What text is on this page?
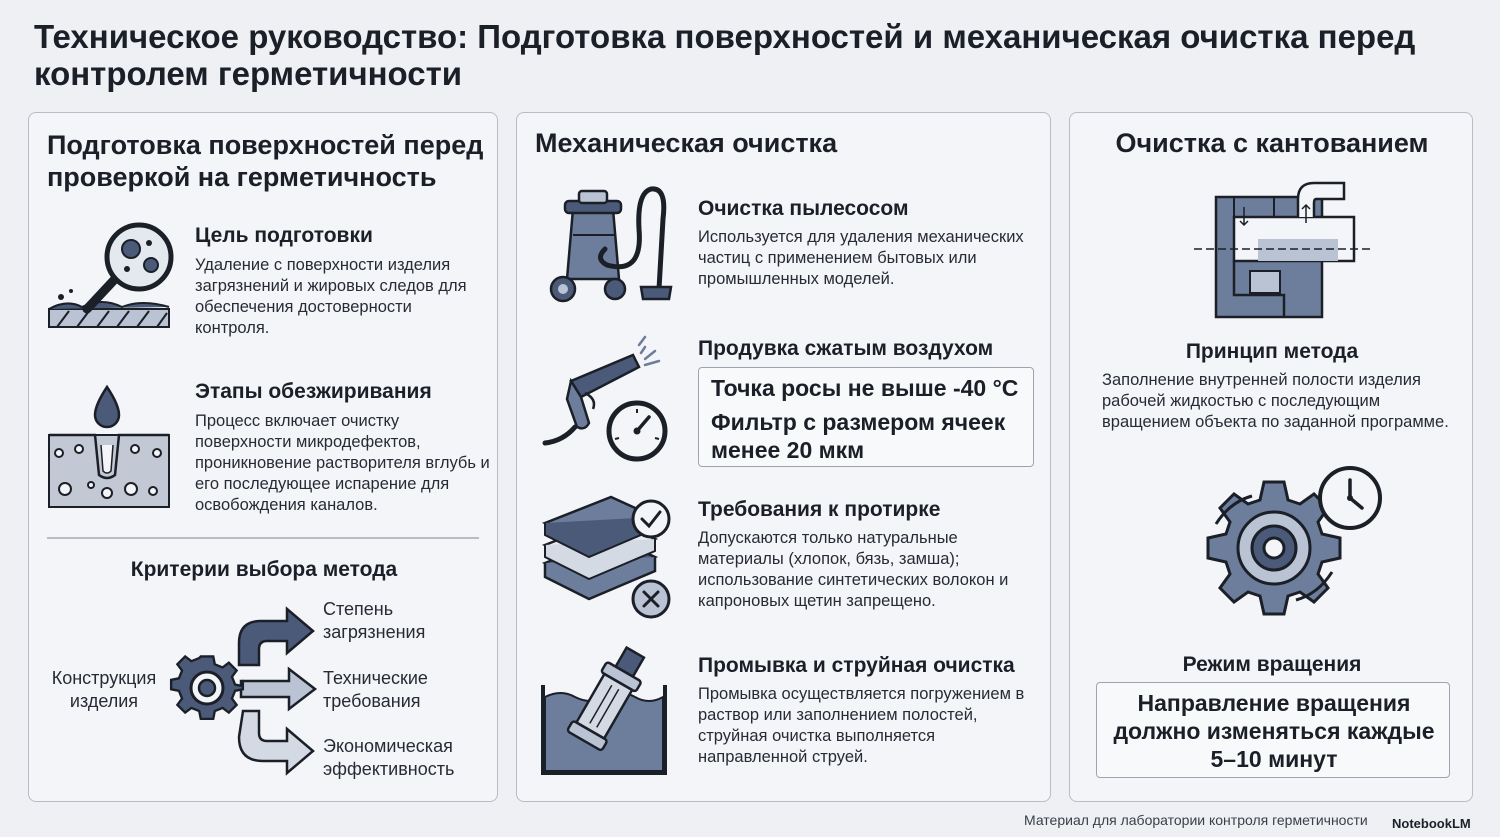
Техническое руководство: Подготовка поверхностей и механическая очистка перед контролем герметичности
Подготовка поверхностей перед проверкой на герметичность
Цель подготовки
Удаление с поверхности изделия загрязнений и жировых следов для обеспечения достоверности контроля.
Этапы обезжиривания
Процесс включает очистку поверхности микродефектов, проникновение растворителя вглубь и его последующее испарение для освобождения каналов.
Критерии выбора метода
Конструкция изделия
Степень загрязнения
Технические требования
Экономическая эффективность
Механическая очистка
Очистка пылесосом
Используется для удаления механических частиц с применением бытовых или промышленных моделей.
Продувка сжатым воздухом
Точка росы не выше -40 °C
Фильтр с размером ячеек менее 20 мкм
Требования к протирке
Допускаются только натуральные материалы (хлопок, бязь, замша); использование синтетических волокон и капроновых щетин запрещено.
Промывка и струйная очистка
Промывка осуществляется погружением в раствор или заполнением полостей, струйная очистка выполняется направленной струей.
Очистка с кантованием
Принцип метода
Заполнение внутренней полости изделия рабочей жидкостью с последующим вращением объекта по заданной программе.
Режим вращения
Направление вращения должно изменяться каждые 5–10 минут
Материал для лаборатории контроля герметичности	NotebookLM
